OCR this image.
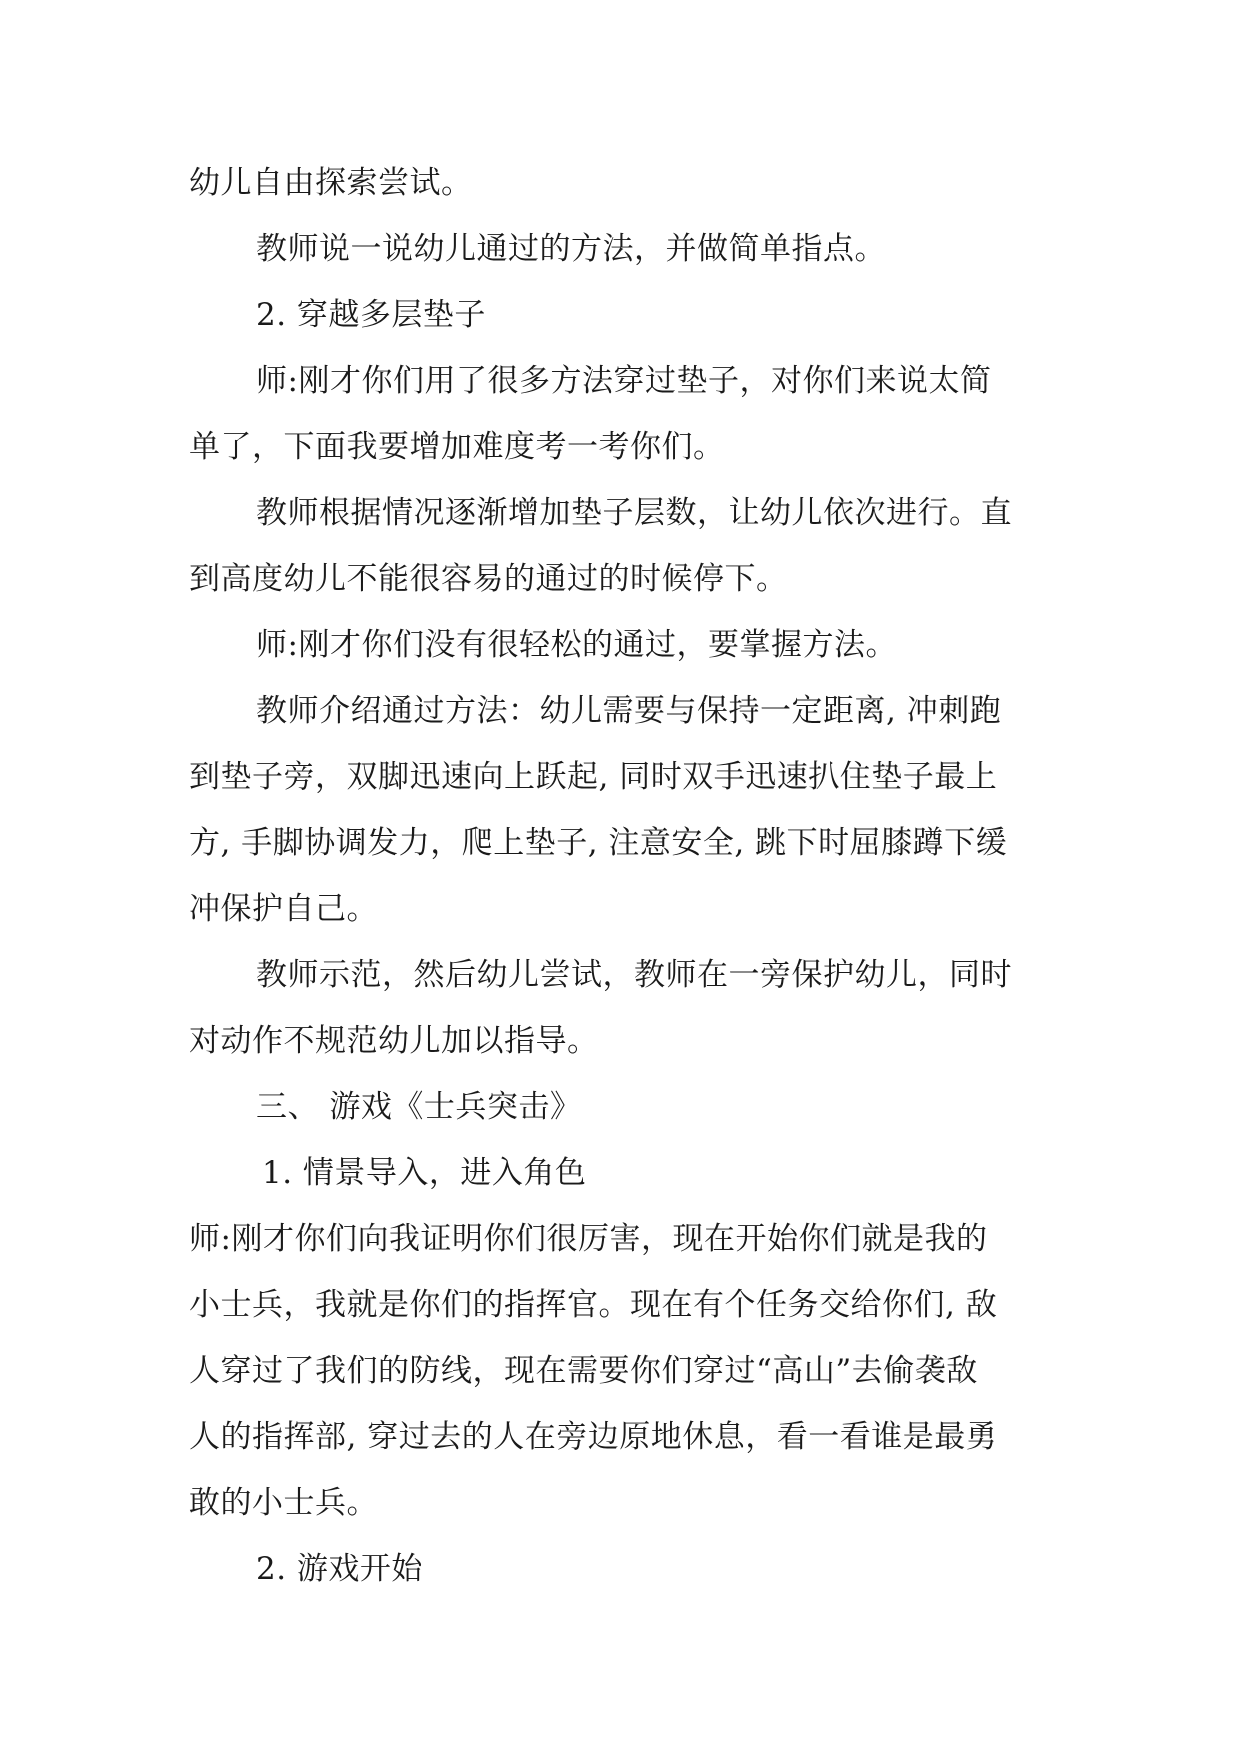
幼儿自由探索尝试。
教师说一说幼儿通过的方法，并做简单指点。
2. 穿越多层垫子
师:刚才你们用了很多方法穿过垫子，对你们来说太简
单了，下面我要增加难度考一考你们。
教师根据情况逐渐增加垫子层数，让幼儿依次进行。直
到高度幼儿不能很容易的通过的时候停下。
师:刚才你们没有很轻松的通过，要掌握方法。
教师介绍通过方法：幼儿需要与保持一定距离, 冲刺跑
到垫子旁，双脚迅速向上跃起, 同时双手迅速扒住垫子最上
方, 手脚协调发力，爬上垫子, 注意安全, 跳下时屈膝蹲下缓
冲保护自己。
教师示范，然后幼儿尝试，教师在一旁保护幼儿，同时
对动作不规范幼儿加以指导。
三、 游戏《士兵突击》
1. 情景导入，进入角色
师:刚才你们向我证明你们很厉害，现在开始你们就是我的
小士兵，我就是你们的指挥官。现在有个任务交给你们, 敌
人穿过了我们的防线，现在需要你们穿过“高山”去偷袭敌
人的指挥部, 穿过去的人在旁边原地休息，看一看谁是最勇
敢的小士兵。
2. 游戏开始
